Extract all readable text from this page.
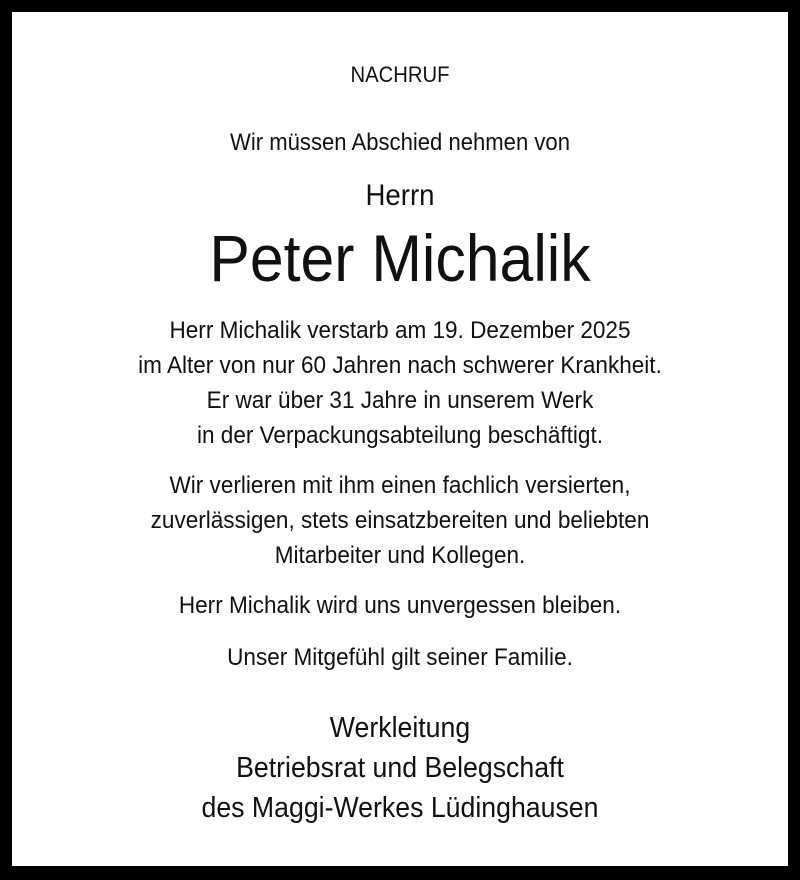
NACHRUF
Wir müssen Abschied nehmen von
Herrn
Peter Michalik
Herr Michalik verstarb am 19. Dezember 2025
im Alter von nur 60 Jahren nach schwerer Krankheit.
Er war über 31 Jahre in unserem Werk
in der Verpackungsabteilung beschäftigt.
Wir verlieren mit ihm einen fachlich versierten,
zuverlässigen, stets einsatzbereiten und beliebten
Mitarbeiter und Kollegen.
Herr Michalik wird uns unvergessen bleiben.
Unser Mitgefühl gilt seiner Familie.
Werkleitung
Betriebsrat und Belegschaft
des Maggi-Werkes Lüdinghausen
